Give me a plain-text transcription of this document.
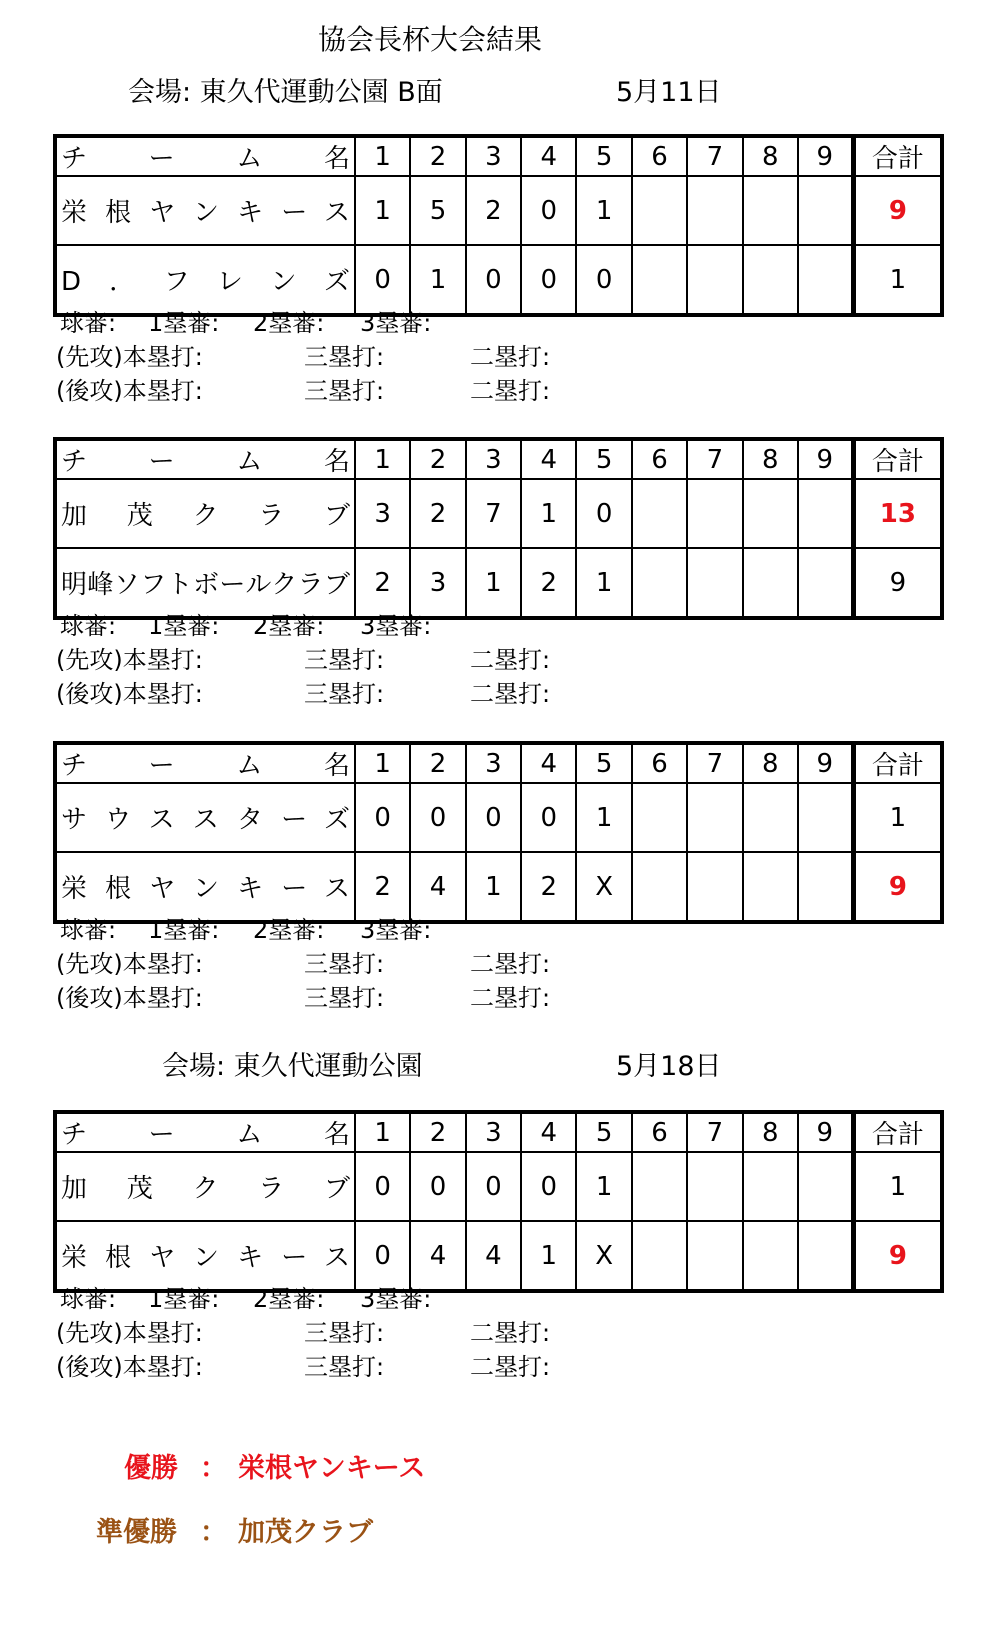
協会長杯大会結果
会場: 東久代運動公園 B面	5月11日
チ　ー　ム　名	1	2	3	4	5	6	7	8	9	合計
栄根ヤンキース	1	5	2	0	1					9
D．フレンズ	0	1	0	0	0					1
球審: 1塁審: 2塁審: 3塁審:
(先攻)本塁打:	三塁打:	二塁打:
(後攻)本塁打:	三塁打:	二塁打:
チ　ー　ム　名	1	2	3	4	5	6	7	8	9	合計
加茂クラブ	3	2	7	1	0					13
明峰ソフトボールクラブ	2	3	1	2	1					9
球審: 1塁審: 2塁審: 3塁審:
(先攻)本塁打:	三塁打:	二塁打:
(後攻)本塁打:	三塁打:	二塁打:
チ　ー　ム　名	1	2	3	4	5	6	7	8	9	合計
サウススターズ	0	0	0	0	1					1
栄根ヤンキース	2	4	1	2	X					9
球審: 1塁審: 2塁審: 3塁審:
(先攻)本塁打:	三塁打:	二塁打:
(後攻)本塁打:	三塁打:	二塁打:
チ　ー　ム　名	1	2	3	4	5	6	7	8	9	合計
加茂クラブ	0	0	0	0	1					1
栄根ヤンキース	0	4	4	1	X					9
球審: 1塁審: 2塁審: 3塁審:
(先攻)本塁打:	三塁打:	二塁打:
(後攻)本塁打:	三塁打:	二塁打:
会場: 東久代運動公園	5月18日
優勝 ： 栄根ヤンキース
準優勝 ： 加茂クラブ
